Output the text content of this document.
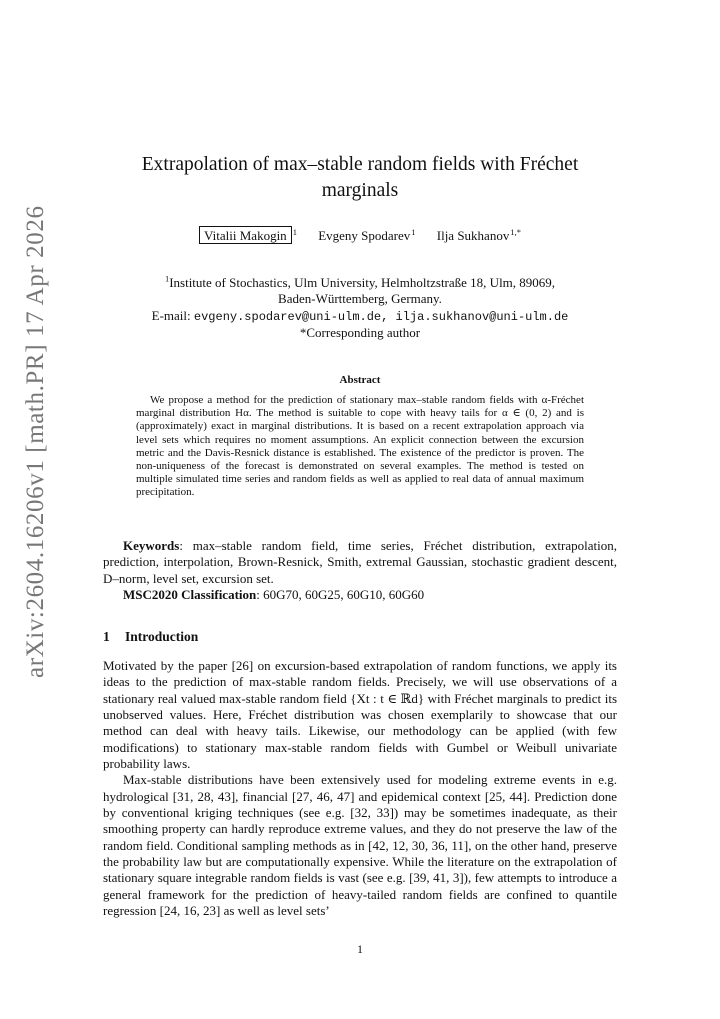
arXiv:2604.16206v1 [math.PR] 17 Apr 2026
Extrapolation of max–stable random fields with Fréchet marginals
Vitalii Makogin $^1$ Evgeny Spodarev$^1$ Ilja Sukhanov$^{1,*}$
$^1$Institute of Stochastics, Ulm University, Helmholtzstraße 18, Ulm, 89069,
Baden-Württemberg, Germany.
E-mail: evgeny.spodarev@uni-ulm.de, ilja.sukhanov@uni-ulm.de
*Corresponding author
Abstract

We propose a method for the prediction of stationary max–stable random fields with α-Fréchet marginal distribution Hα. The method is suitable to cope with heavy tails for α ∈ (0, 2) and is (approximately) exact in marginal distributions. It is based on a recent extrapolation approach via level sets which requires no moment assumptions. An explicit connection between the excursion metric and the Davis-Resnick distance is established. The existence of the predictor is proven. The non-uniqueness of the forecast is demonstrated on several examples. The method is tested on multiple simulated time series and random fields as well as applied to real data of annual maximum precipitation.

Keywords: max–stable random field, time series, Fréchet distribution, extrapolation, prediction, interpolation, Brown-Resnick, Smith, extremal Gaussian, stochastic gradient descent, D–norm, level set, excursion set.

MSC2020 Classification: 60G70, 60G25, 60G10, 60G60

1 Introduction

Motivated by the paper [26] on excursion-based extrapolation of random functions, we apply its ideas to the prediction of max-stable random fields. Precisely, we will use observations of a stationary real valued max-stable random field {Xt : t ∈ ℝd} with Fréchet marginals to predict its unobserved values. Here, Fréchet distribution was chosen exemplarily to showcase that our method can deal with heavy tails. Likewise, our methodology can be applied (with few modifications) to stationary max-stable random fields with Gumbel or Weibull univariate probability laws.

Max-stable distributions have been extensively used for modeling extreme events in e.g. hydrological [31, 28, 43], financial [27, 46, 47] and epidemical context [25, 44]. Prediction done by conventional kriging techniques (see e.g. [32, 33]) may be sometimes inadequate, as their smoothing property can hardly reproduce extreme values, and they do not preserve the law of the random field. Conditional sampling methods as in [42, 12, 30, 36, 11], on the other hand, preserve the probability law but are computationally expensive. While the literature on the extrapolation of stationary square integrable random fields is vast (see e.g. [39, 41, 3]), few attempts to introduce a general framework for the prediction of heavy-tailed random fields are confined to quantile regression [24, 16, 23] as well as level sets’

1
